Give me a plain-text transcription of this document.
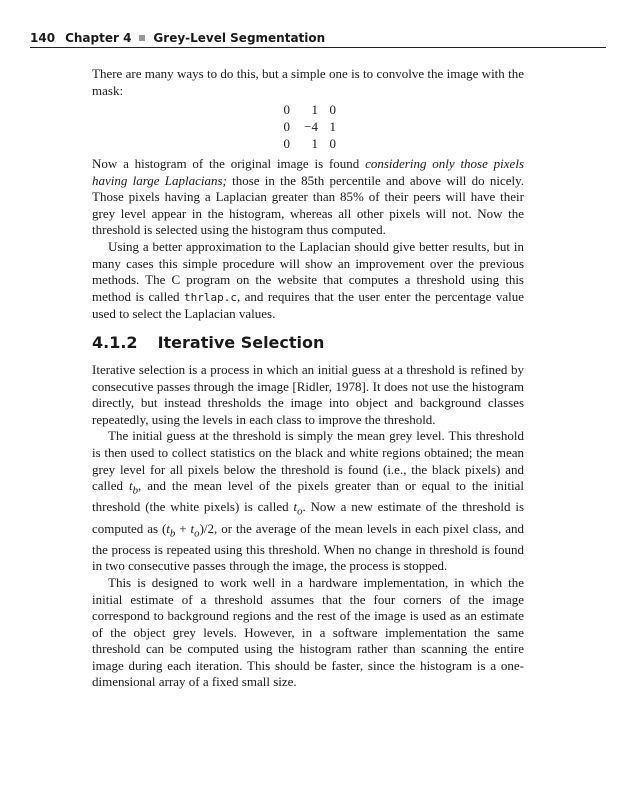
140 Chapter 4 Grey-Level Segmentation

There are many ways to do this, but a simple one is to convolve the image with the mask:

0	1	0
0	−4	1
0	1	0

Now a histogram of the original image is found considering only those pixels having large Laplacians; those in the 85th percentile and above will do nicely. Those pixels having a Laplacian greater than 85% of their peers will have their grey level appear in the histogram, whereas all other pixels will not. Now the threshold is selected using the histogram thus computed.

Using a better approximation to the Laplacian should give better results, but in many cases this simple procedure will show an improvement over the previous methods. The C program on the website that computes a threshold using this method is called thrlap.c, and requires that the user enter the percentage value used to select the Laplacian values.

4.1.2 Iterative Selection

Iterative selection is a process in which an initial guess at a threshold is refined by consecutive passes through the image [Ridler, 1978]. It does not use the histogram directly, but instead thresholds the image into object and background classes repeatedly, using the levels in each class to improve the threshold.

The initial guess at the threshold is simply the mean grey level. This threshold is then used to collect statistics on the black and white regions obtained; the mean grey level for all pixels below the threshold is found (i.e., the black pixels) and called $t_b$, and the mean level of the pixels greater than or equal to the initial threshold (the white pixels) is called $t_o$. Now a new estimate of the threshold is computed as $(t_b + t_o)/2$, or the average of the mean levels in each pixel class, and the process is repeated using this threshold. When no change in threshold is found in two consecutive passes through the image, the process is stopped.

This is designed to work well in a hardware implementation, in which the initial estimate of a threshold assumes that the four corners of the image correspond to background regions and the rest of the image is used as an estimate of the object grey levels. However, in a software implementation the same threshold can be computed using the histogram rather than scanning the entire image during each iteration. This should be faster, since the histogram is a one-dimensional array of a fixed small size.
